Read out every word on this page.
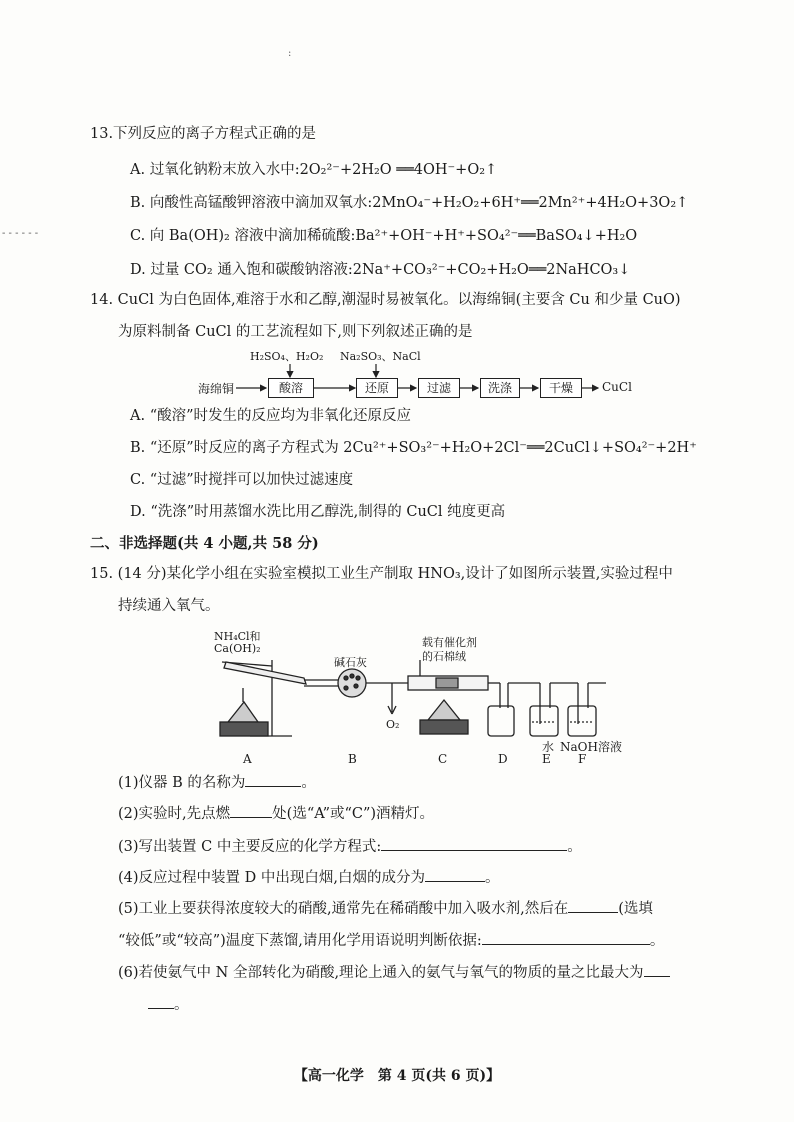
:
- - - - - -
13.下列反应的离子方程式正确的是
A. 过氧化钠粉末放入水中:2O₂²⁻+2H₂O ══4OH⁻+O₂↑
B. 向酸性高锰酸钾溶液中滴加双氧水:2MnO₄⁻+H₂O₂+6H⁺══2Mn²⁺+4H₂O+3O₂↑
C. 向 Ba(OH)₂ 溶液中滴加稀硫酸:Ba²⁺+OH⁻+H⁺+SO₄²⁻══BaSO₄↓+H₂O
D. 过量 CO₂ 通入饱和碳酸钠溶液:2Na⁺+CO₃²⁻+CO₂+H₂O══2NaHCO₃↓
14. CuCl 为白色固体,难溶于水和乙醇,潮湿时易被氧化。以海绵铜(主要含 Cu 和少量 CuO)
为原料制备 CuCl 的工艺流程如下,则下列叙述正确的是
H₂SO₄、H₂O₂ Na₂SO₃、NaCl
海绵铜	酸溶	还原	过滤	洗涤	干燥	CuCl
A. “酸溶”时发生的反应均为非氧化还原反应
B. “还原”时反应的离子方程式为 2Cu²⁺+SO₃²⁻+H₂O+2Cl⁻══2CuCl↓+SO₄²⁻+2H⁺
C. “过滤”时搅拌可以加快过滤速度
D. “洗涤”时用蒸馏水洗比用乙醇洗,制得的 CuCl 纯度更高
二、非选择题(共 4 小题,共 58 分)
15. (14 分)某化学小组在实验室模拟工业生产制取 HNO₃,设计了如图所示装置,实验过程中
持续通入氧气。
NH₄Cl和
Ca(OH)₂
碱石灰
载有催化剂
的石棉绒
O₂
水 NaOH溶液
A	B	C	D	E F
(1)仪器 B 的名称为	。
(2)实验时,先点燃	处(选“A”或“C”)酒精灯。
(3)写出装置 C 中主要反应的化学方程式:	。
(4)反应过程中装置 D 中出现白烟,白烟的成分为	。
(5)工业上要获得浓度较大的硝酸,通常先在稀硝酸中加入吸水剂,然后在	(选填
“较低”或“较高”)温度下蒸馏,请用化学用语说明判断依据:	。
(6)若使氨气中 N 全部转化为硝酸,理论上通入的氨气与氧气的物质的量之比最大为
。
【高一化学　第 4 页(共 6 页)】
